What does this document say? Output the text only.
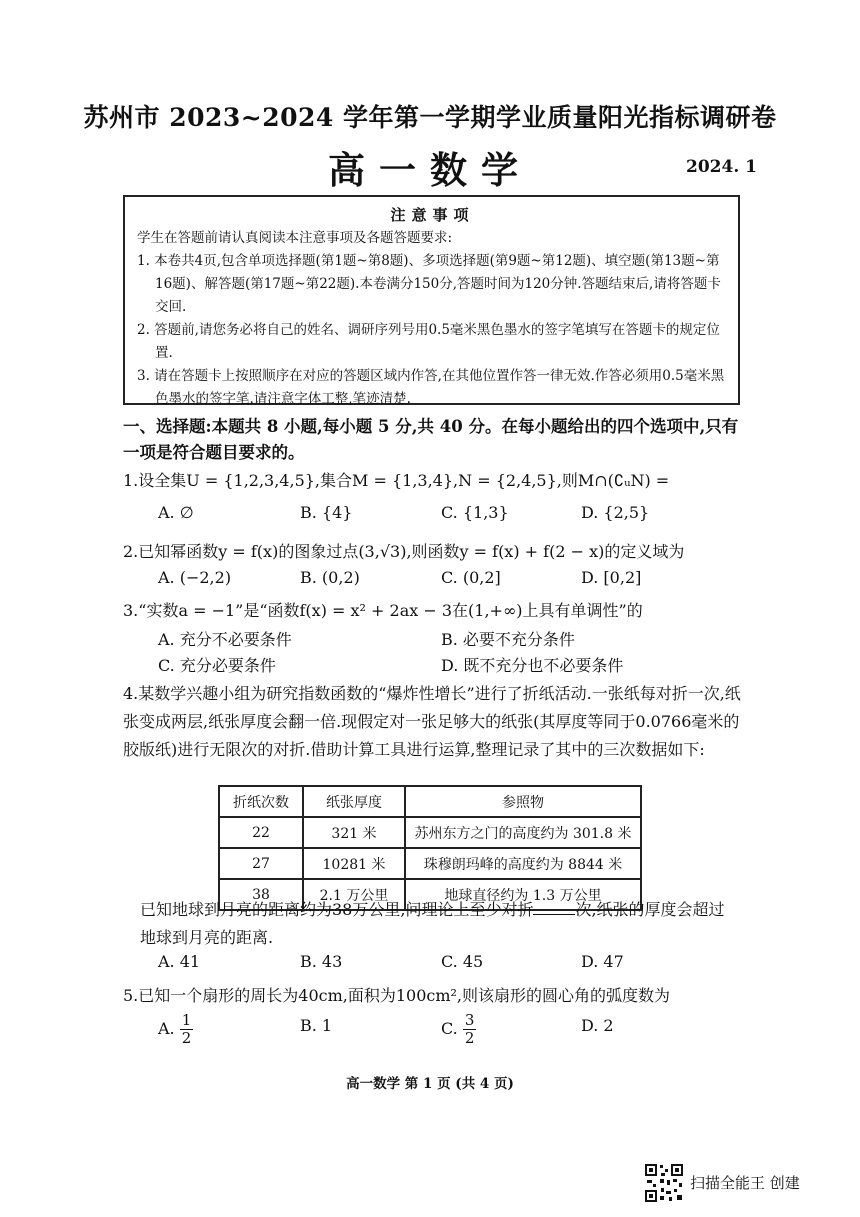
苏州市 2023~2024 学年第一学期学业质量阳光指标调研卷
高一数学	2024. 1
注意事项
学生在答题前请认真阅读本注意事项及各题答题要求:
1. 本卷共4页,包含单项选择题(第1题~第8题)、多项选择题(第9题~第12题)、填空题(第13题~第16题)、解答题(第17题~第22题).本卷满分150分,答题时间为120分钟.答题结束后,请将答题卡交回.
2. 答题前,请您务必将自己的姓名、调研序列号用0.5毫米黑色墨水的签字笔填写在答题卡的规定位置.
3. 请在答题卡上按照顺序在对应的答题区域内作答,在其他位置作答一律无效.作答必须用0.5毫米黑色墨水的签字笔.请注意字体工整,笔迹清楚.
一、选择题:本题共 8 小题,每小题 5 分,共 40 分。在每小题给出的四个选项中,只有一项是符合题目要求的。
1.设全集U = {1,2,3,4,5},集合M = {1,3,4},N = {2,4,5},则M∩(∁ᵤN) =
A. ∅	B. {4}	C. {1,3}	D. {2,5}
2.已知幂函数y = f(x)的图象过点(3,√3),则函数y = f(x) + f(2 − x)的定义域为
A. (−2,2)	B. (0,2)	C. (0,2]	D. [0,2]
3.“实数a = −1”是“函数f(x) = x² + 2ax − 3在(1,+∞)上具有单调性”的
A. 充分不必要条件	B. 必要不充分条件
C. 充分必要条件	D. 既不充分也不必要条件
4.某数学兴趣小组为研究指数函数的“爆炸性增长”进行了折纸活动.一张纸每对折一次,纸张变成两层,纸张厚度会翻一倍.现假定对一张足够大的纸张(其厚度等同于0.0766毫米的胶版纸)进行无限次的对折.借助计算工具进行运算,整理记录了其中的三次数据如下:
折纸次数	纸张厚度	参照物
22	321 米	苏州东方之门的高度约为 301.8 米
27	10281 米	珠穆朗玛峰的高度约为 8844 米
38	2.1 万公里	地球直径约为 1.3 万公里
已知地球到月亮的距离约为38万公里,问理论上至少对折	次,纸张的厚度会超过地球到月亮的距离.
A. 41	B. 43	C. 45	D. 47
5.已知一个扇形的周长为40cm,面积为100cm²,则该扇形的圆心角的弧度数为
A. $\frac{1}{2}$	B. 1	C. $\frac{3}{2}$	D. 2
高一数学 第 1 页 (共 4 页)
扫描全能王 创建
